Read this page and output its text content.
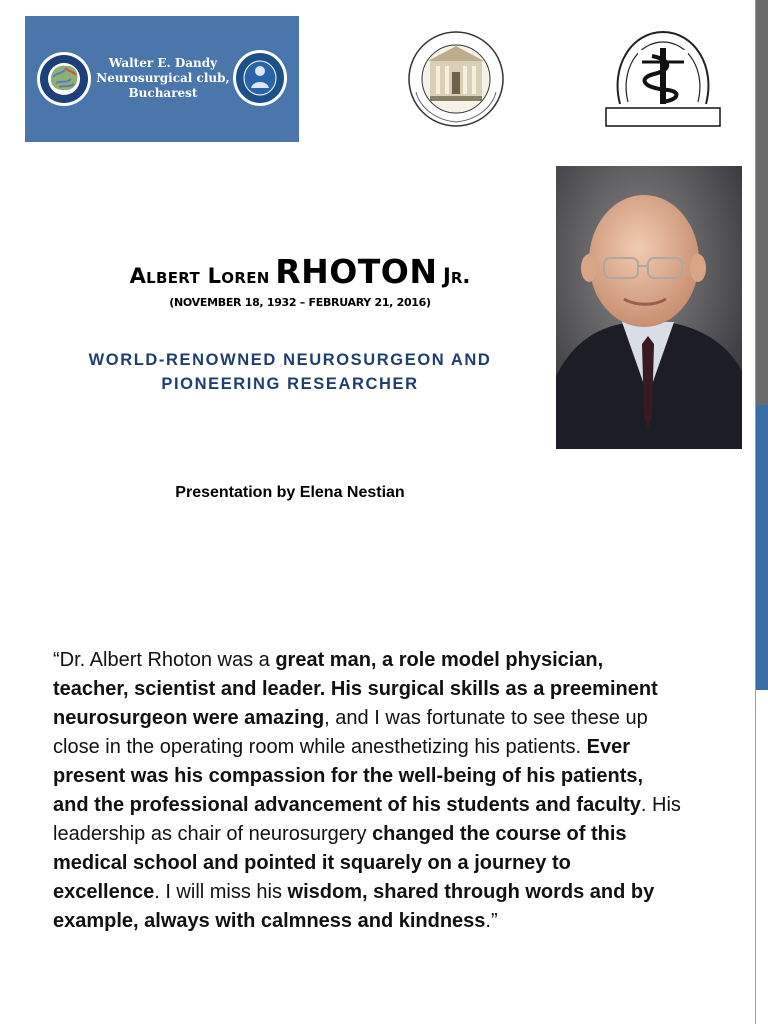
Walter E. Dandy Neurosurgical club, Bucharest
Albert Loren RHOTON Jr.
(NOVEMBER 18, 1932 – FEBRUARY 21, 2016)
WORLD-RENOWNED NEUROSURGEON AND
PIONEERING RESEARCHER
Presentation by Elena Nestian
“Dr. Albert Rhoton was a great man, a role model physician, teacher, scientist and leader. His surgical skills as a preeminent neurosurgeon were amazing, and I was fortunate to see these up close in the operating room while anesthetizing his patients. Ever present was his compassion for the well-being of his patients, and the professional advancement of his students and faculty. His leadership as chair of neurosurgery changed the course of this medical school and pointed it squarely on a journey to excellence. I will miss his wisdom, shared through words and by example, always with calmness and kindness.”
